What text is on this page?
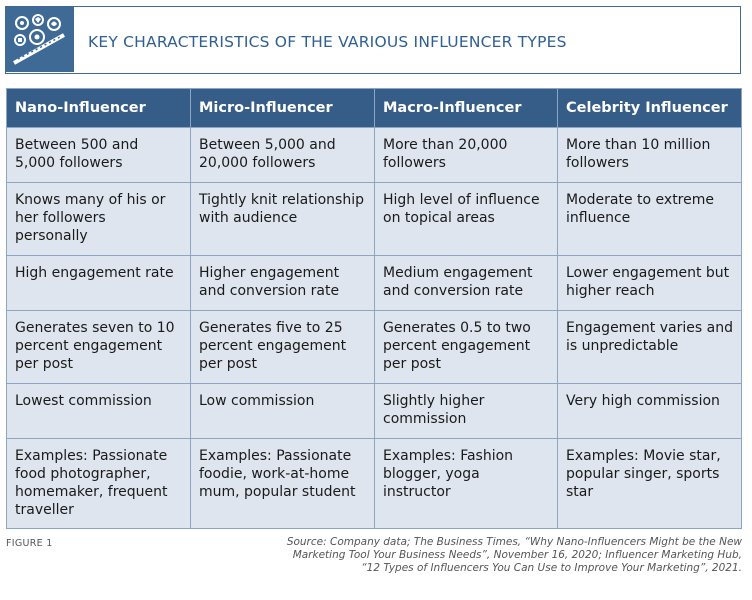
KEY CHARACTERISTICS OF THE VARIOUS INFLUENCER TYPES
Nano-Influencer	Micro-Influencer	Macro-Influencer	Celebrity Influencer
Between 500 and 5,000 followers	Between 5,000 and 20,000 followers	More than 20,000 followers	More than 10 million followers
Knows many of his or her followers personally	Tightly knit relationship with audience	High level of influence on topical areas	Moderate to extreme influence
High engagement rate	Higher engagement and conversion rate	Medium engagement and conversion rate	Lower engagement but higher reach
Generates seven to 10 percent engagement per post	Generates five to 25 percent engagement per post	Generates 0.5 to two percent engagement per post	Engagement varies and is unpredictable
Lowest commission	Low commission	Slightly higher commission	Very high commission
Examples: Passionate food photographer, homemaker, frequent traveller	Examples: Passionate foodie, work-at-home mum, popular student	Examples: Fashion blogger, yoga instructor	Examples: Movie star, popular singer, sports star
FIGURE 1	Source: Company data; The Business Times, “Why Nano-Influencers Might be the New Marketing Tool Your Business Needs”, November 16, 2020; Influencer Marketing Hub, “12 Types of Influencers You Can Use to Improve Your Marketing”, 2021.
